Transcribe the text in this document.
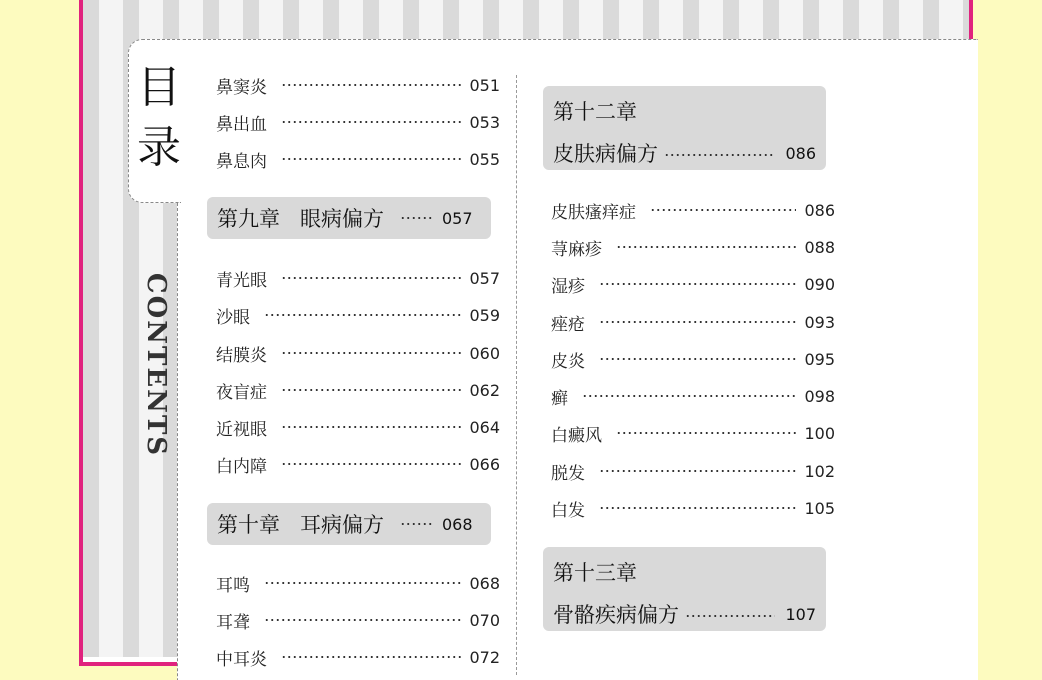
目
录
CONTENTS
鼻窦炎	051
鼻出血	053
鼻息肉	055
第九章 眼病偏方	057
青光眼	057
沙眼	059
结膜炎	060
夜盲症	062
近视眼	064
白内障	066
第十章 耳病偏方	068
耳鸣	068
耳聋	070
中耳炎	072
第十二章
皮肤病偏方	086
皮肤瘙痒症	086
荨麻疹	088
湿疹	090
痤疮	093
皮炎	095
癣	098
白癜风	100
脱发	102
白发	105
第十三章
骨骼疾病偏方	107
